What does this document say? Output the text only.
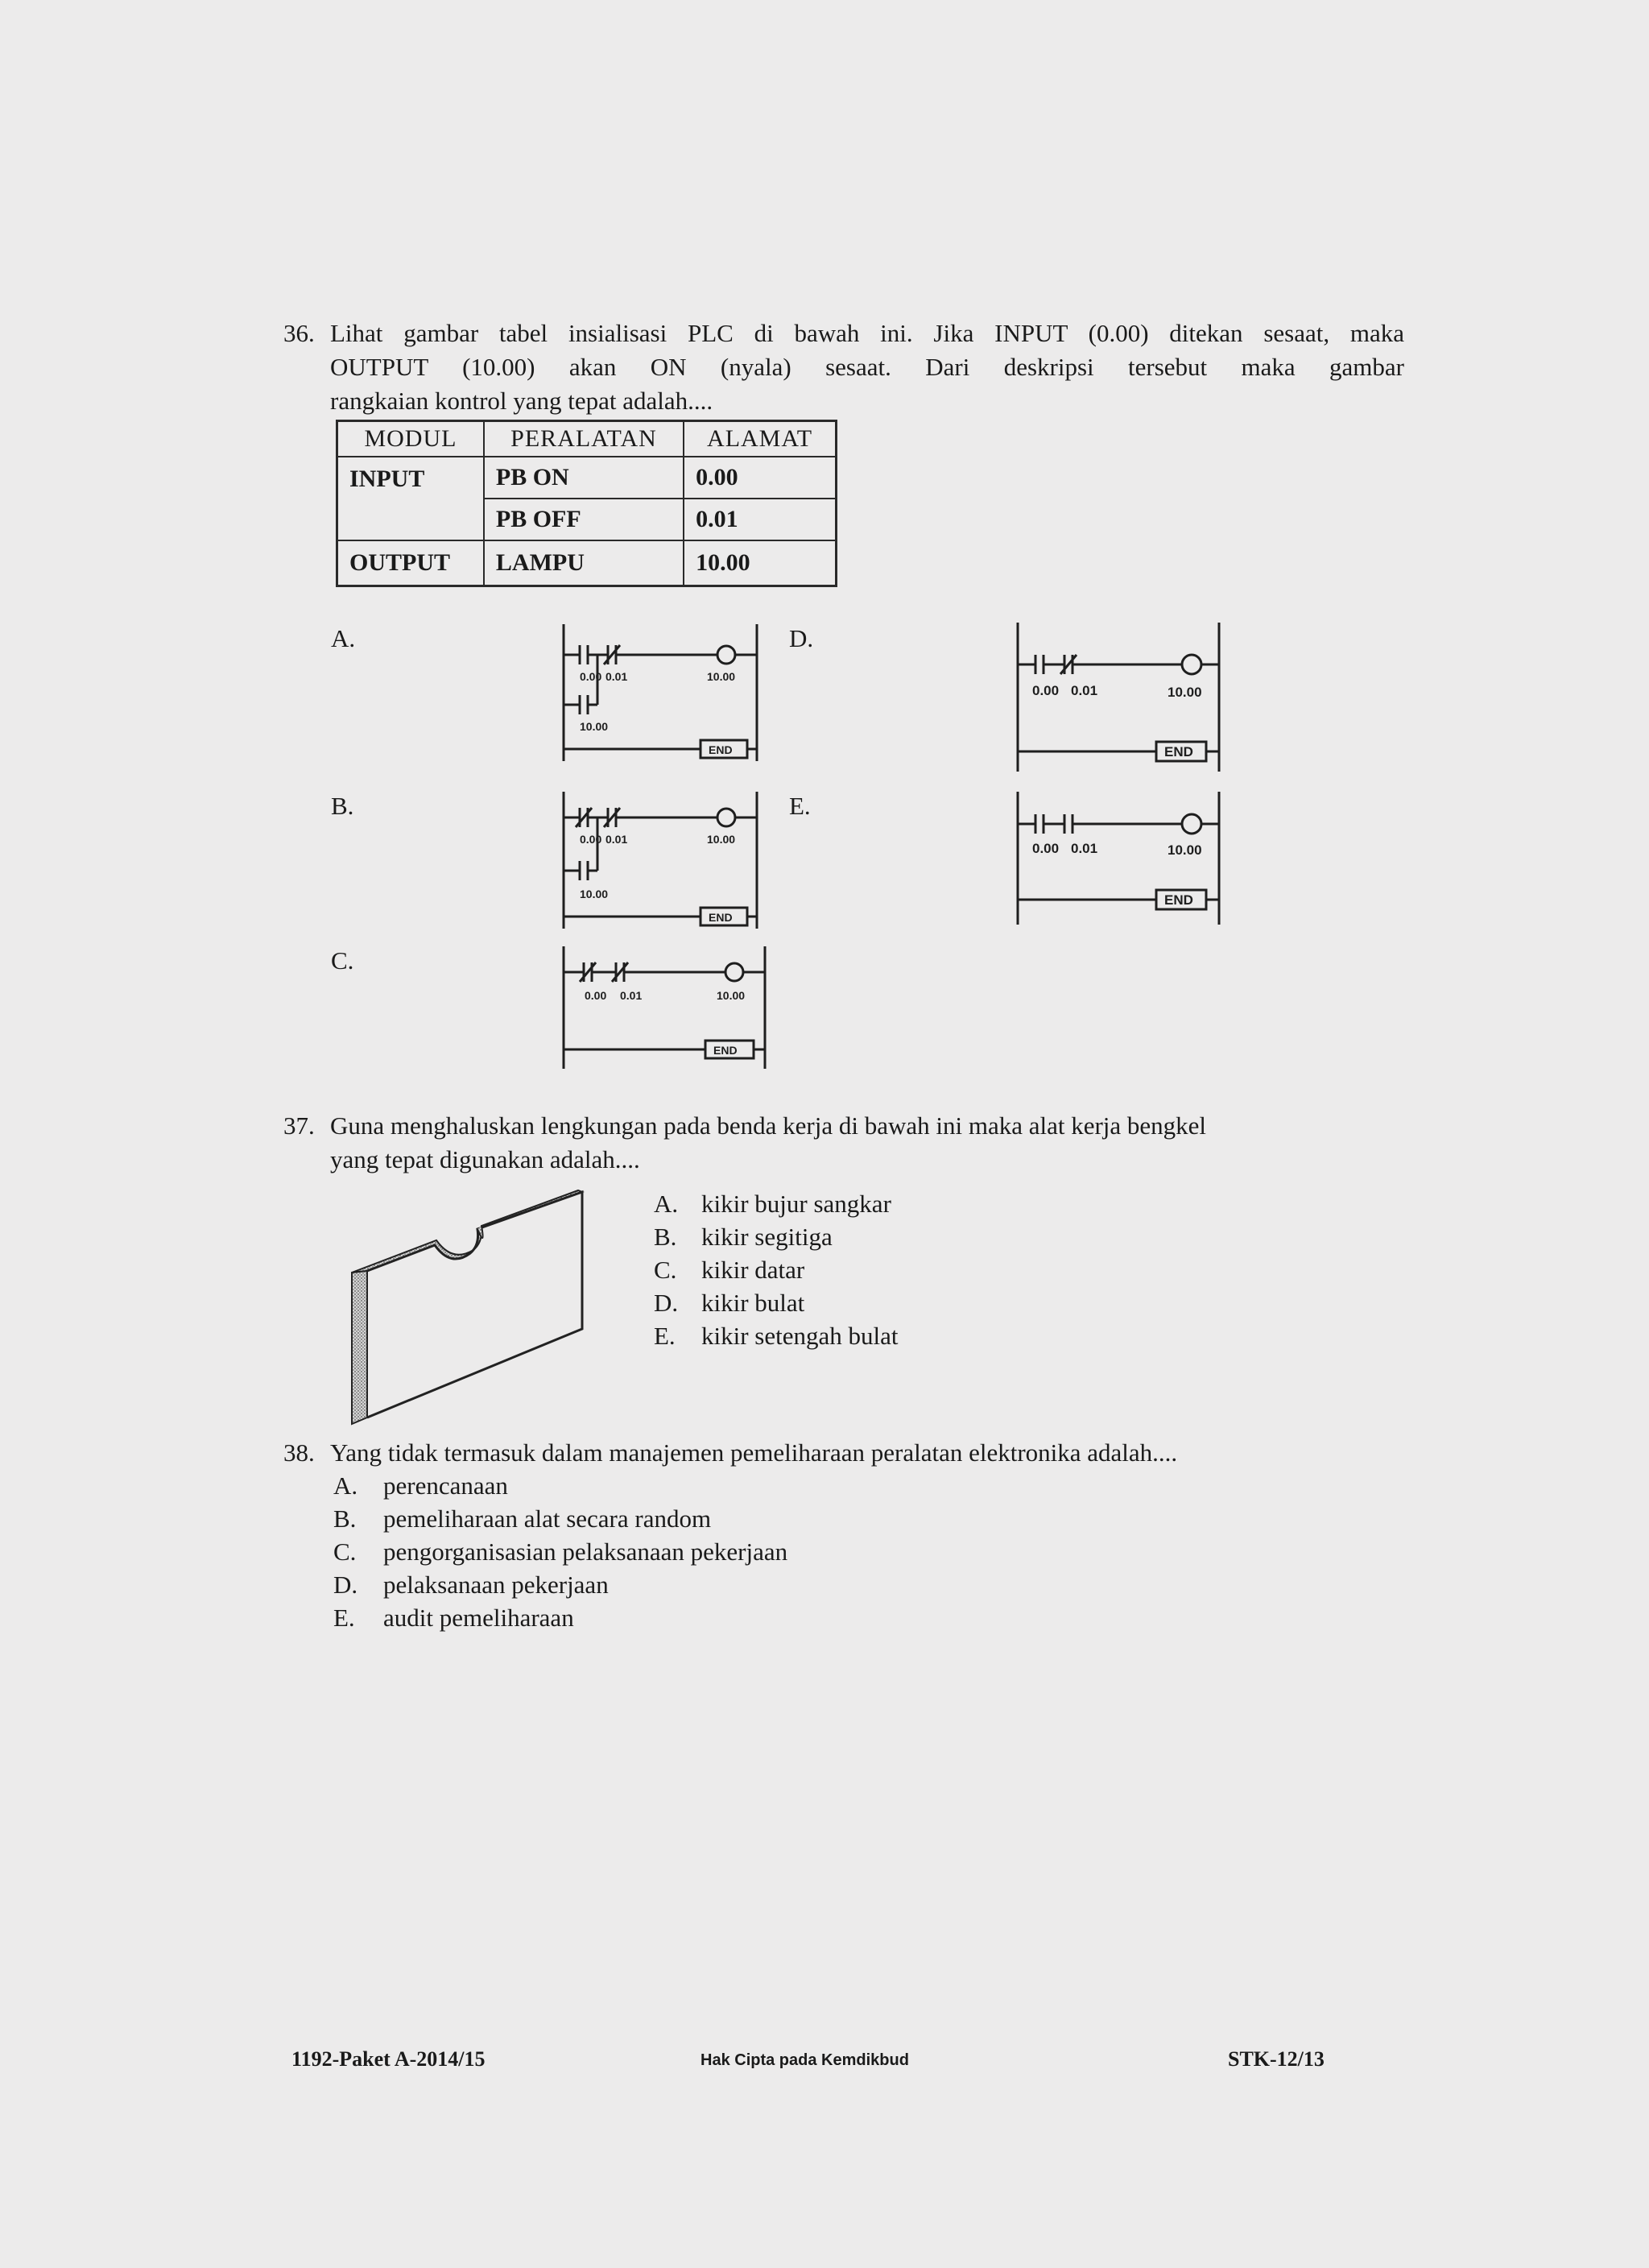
36. Lihat gambar tabel insialisasi PLC di bawah ini. Jika INPUT (0.00) ditekan sesaat, maka
OUTPUT (10.00) akan ON (nyala) sesaat. Dari deskripsi tersebut maka gambar
rangkaian kontrol yang tepat adalah....
MODUL	PERALATAN	ALAMAT
INPUT	PB ON	0.00
	PB OFF	0.01
OUTPUT	LAMPU	10.00
A.
B.
C.
D.
E.
0.00 0.01	10.00
10.00
END
0.00 0.01	10.00
10.00
END
0.00 0.01	10.00
END
0.00 0.01	10.00
END
0.00 0.01	10.00
END
37. Guna menghaluskan lengkungan pada benda kerja di bawah ini maka alat kerja bengkel
yang tepat digunakan adalah....
A. kikir bujur sangkar
B. kikir segitiga
C. kikir datar
D. kikir bulat
E. kikir setengah bulat
38. Yang tidak termasuk dalam manajemen pemeliharaan peralatan elektronika adalah....
A. perencanaan
B. pemeliharaan alat secara random
C. pengorganisasian pelaksanaan pekerjaan
D. pelaksanaan pekerjaan
E. audit pemeliharaan
1192-Paket A-2014/15	Hak Cipta pada Kemdikbud	STK-12/13
